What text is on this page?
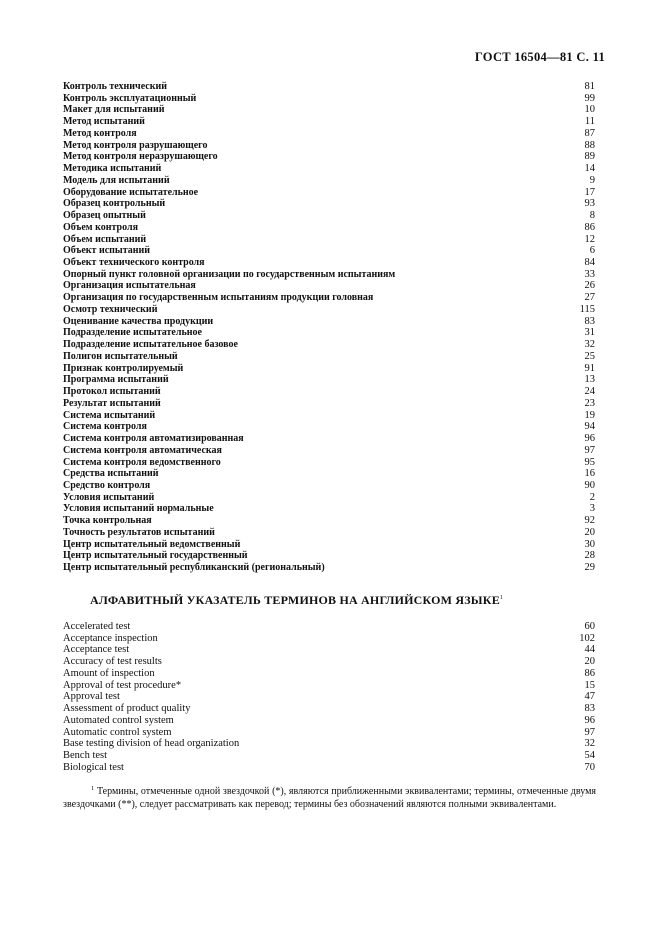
ГОСТ 16504—81 С. 11
Контроль технический	81
Контроль эксплуатационный	99
Макет для испытаний	10
Метод испытаний	11
Метод контроля	87
Метод контроля разрушающего	88
Метод контроля неразрушающего	89
Методика испытаний	14
Модель для испытаний	9
Оборудование испытательное	17
Образец контрольный	93
Образец опытный	8
Объем контроля	86
Объем испытаний	12
Объект испытаний	6
Объект технического контроля	84
Опорный пункт головной организации по государственным испытаниям	33
Организация испытательная	26
Организация по государственным испытаниям продукции головная	27
Осмотр технический	115
Оценивание качества продукции	83
Подразделение испытательное	31
Подразделение испытательное базовое	32
Полигон испытательный	25
Признак контролируемый	91
Программа испытаний	13
Протокол испытаний	24
Результат испытаний	23
Система испытаний	19
Система контроля	94
Система контроля автоматизированная	96
Система контроля автоматическая	97
Система контроля ведомственного	95
Средства испытаний	16
Средство контроля	90
Условия испытаний	2
Условия испытаний нормальные	3
Точка контрольная	92
Точность результатов испытаний	20
Центр испытательный ведомственный	30
Центр испытательный государственный	28
Центр испытательный республиканский (региональный)	29
АЛФАВИТНЫЙ УКАЗАТЕЛЬ ТЕРМИНОВ НА АНГЛИЙСКОМ ЯЗЫКЕ$^1$
Accelerated test	60
Acceptance inspection	102
Acceptance test	44
Accuracy of test results	20
Amount of inspection	86
Approval of test procedure*	15
Approval test	47
Assessment of product quality	83
Automated control system	96
Automatic control system	97
Base testing division of head organization	32
Bench test	54
Biological test	70
$^1$ Термины, отмеченные одной звездочкой (*), являются приближенными эквивалентами; термины, отмеченные двумя звездочками (**), следует рассматривать как перевод; термины без обозначений являются полными эквивалентами.
